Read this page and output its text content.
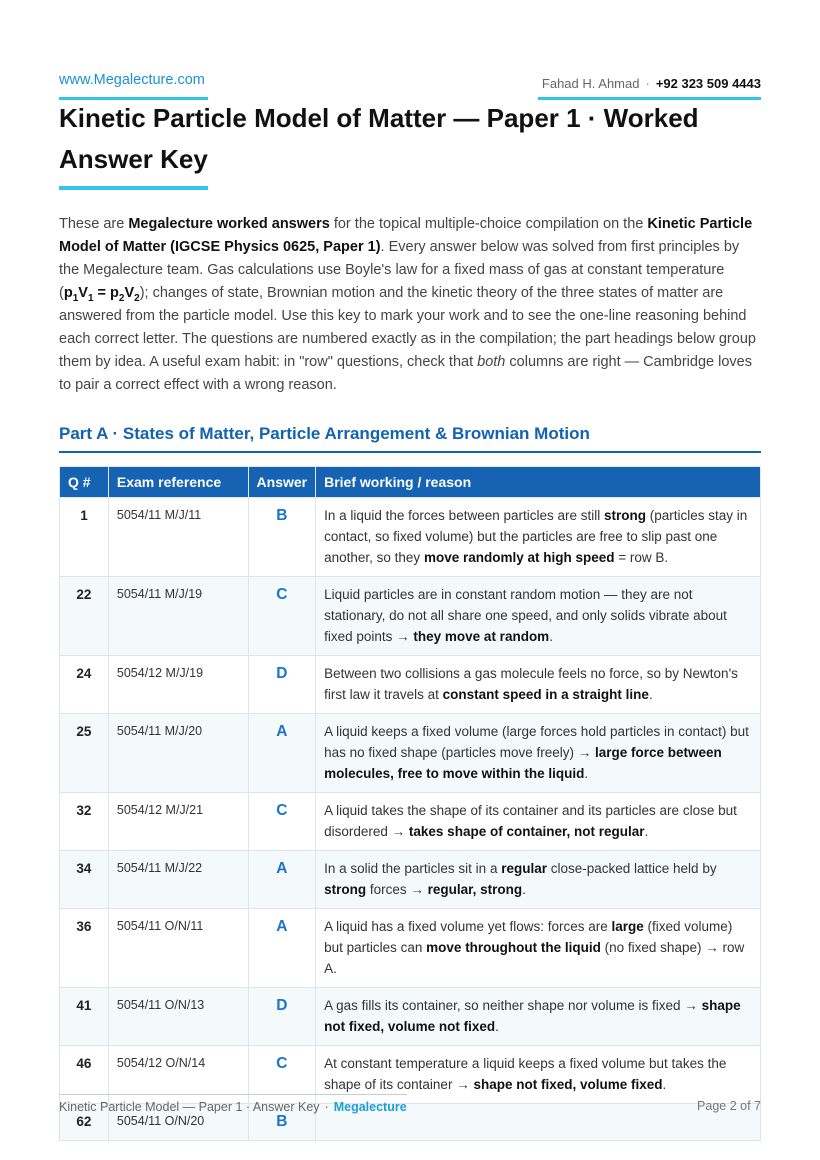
www.Megalecture.com	Fahad H. Ahmad · +92 323 509 4443
Kinetic Particle Model of Matter — Paper 1 · Worked Answer Key

These are Megalecture worked answers for the topical multiple-choice compilation on the Kinetic Particle Model of Matter (IGCSE Physics 0625, Paper 1). Every answer below was solved from first principles by the Megalecture team. Gas calculations use Boyle's law for a fixed mass of gas at constant temperature $(p_1V_1 = p_2V_2)$; changes of state, Brownian motion and the kinetic theory of the three states of matter are answered from the particle model. Use this key to mark your work and to see the one-line reasoning behind each correct letter. The questions are numbered exactly as in the compilation; the part headings below group them by idea. A useful exam habit: in "row" questions, check that both columns are right — Cambridge loves to pair a correct effect with a wrong reason.

Part A · States of Matter, Particle Arrangement & Brownian Motion
Q #	Exam reference	Answer	Brief working / reason
1	5054/11 M/J/11	B	In a liquid the forces between particles are still strong (particles stay in contact, so fixed volume) but the particles are free to slip past one another, so they move randomly at high speed = row B.
22	5054/11 M/J/19	C	Liquid particles are in constant random motion — they are not stationary, do not all share one speed, and only solids vibrate about fixed points → they move at random.
24	5054/12 M/J/19	D	Between two collisions a gas molecule feels no force, so by Newton's first law it travels at constant speed in a straight line.
25	5054/11 M/J/20	A	A liquid keeps a fixed volume (large forces hold particles in contact) but has no fixed shape (particles move freely) → large force between molecules, free to move within the liquid.
32	5054/12 M/J/21	C	A liquid takes the shape of its container and its particles are close but disordered → takes shape of container, not regular.
34	5054/11 M/J/22	A	In a solid the particles sit in a regular close-packed lattice held by strong forces → regular, strong.
36	5054/11 O/N/11	A	A liquid has a fixed volume yet flows: forces are large (fixed volume) but particles can move throughout the liquid (no fixed shape) → row A.
41	5054/11 O/N/13	D	A gas fills its container, so neither shape nor volume is fixed → shape not fixed, volume not fixed.
46	5054/12 O/N/14	C	At constant temperature a liquid keeps a fixed volume but takes the shape of its container → shape not fixed, volume fixed.
62	5054/11 O/N/20	B	
Kinetic Particle Model — Paper 1 · Answer Key · Megalecture	Page 2 of 7
